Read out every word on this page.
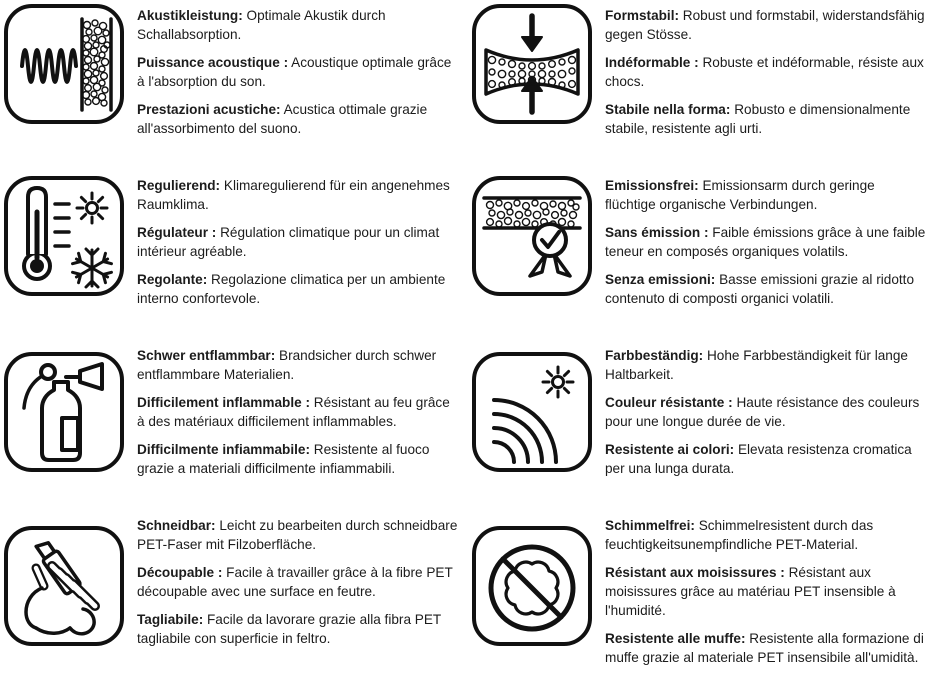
Akustikleistung: Optimale Akustik durch Schallabsorption.

Puissance acoustique : Acoustique optimale grâce à l'absorption du son.

Prestazioni acustiche: Acustica ottimale grazie all'assorbimento del suono.

Formstabil: Robust und formstabil, widerstandsfähig gegen Stösse.

Indéformable : Robuste et indéformable, résiste aux chocs.

Stabile nella forma: Robusto e dimensionalmente stabile, resistente agli urti.

Regulierend: Klimaregulierend für ein angenehmes Raumklima.

Régulateur : Régulation climatique pour un climat intérieur agréable.

Regolante: Regolazione climatica per un ambiente interno confortevole.

Emissionsfrei: Emissionsarm durch geringe flüchtige organische Verbindungen.

Sans émission : Faible émissions grâce à une faible teneur en composés organiques volatils.

Senza emissioni: Basse emissioni grazie al ridotto contenuto di composti organici volatili.

Schwer entflammbar: Brandsicher durch schwer entflammbare Materialien.

Difficilement inflammable : Résistant au feu grâce à des matériaux difficilement inflammables.

Difficilmente infiammabile: Resistente al fuoco grazie a materiali difficilmente infiammabili.

Farbbeständig: Hohe Farbbeständigkeit für lange Haltbarkeit.

Couleur résistante : Haute résistance des couleurs pour une longue durée de vie.

Resistente ai colori: Elevata resistenza cromatica per una lunga durata.

Schneidbar: Leicht zu bearbeiten durch schneidbare PET-Faser mit Filzoberfläche.

Découpable : Facile à travailler grâce à la fibre PET découpable avec une surface en feutre.

Tagliabile: Facile da lavorare grazie alla fibra PET tagliabile con superficie in feltro.

Schimmelfrei: Schimmelresistent durch das feuchtigkeitsunempfindliche PET-Material.

Résistant aux moisissures : Résistant aux moisissures grâce au matériau PET insensible à l'humidité.

Resistente alle muffe: Resistente alla formazione di muffe grazie al materiale PET insensibile all'umidità.
